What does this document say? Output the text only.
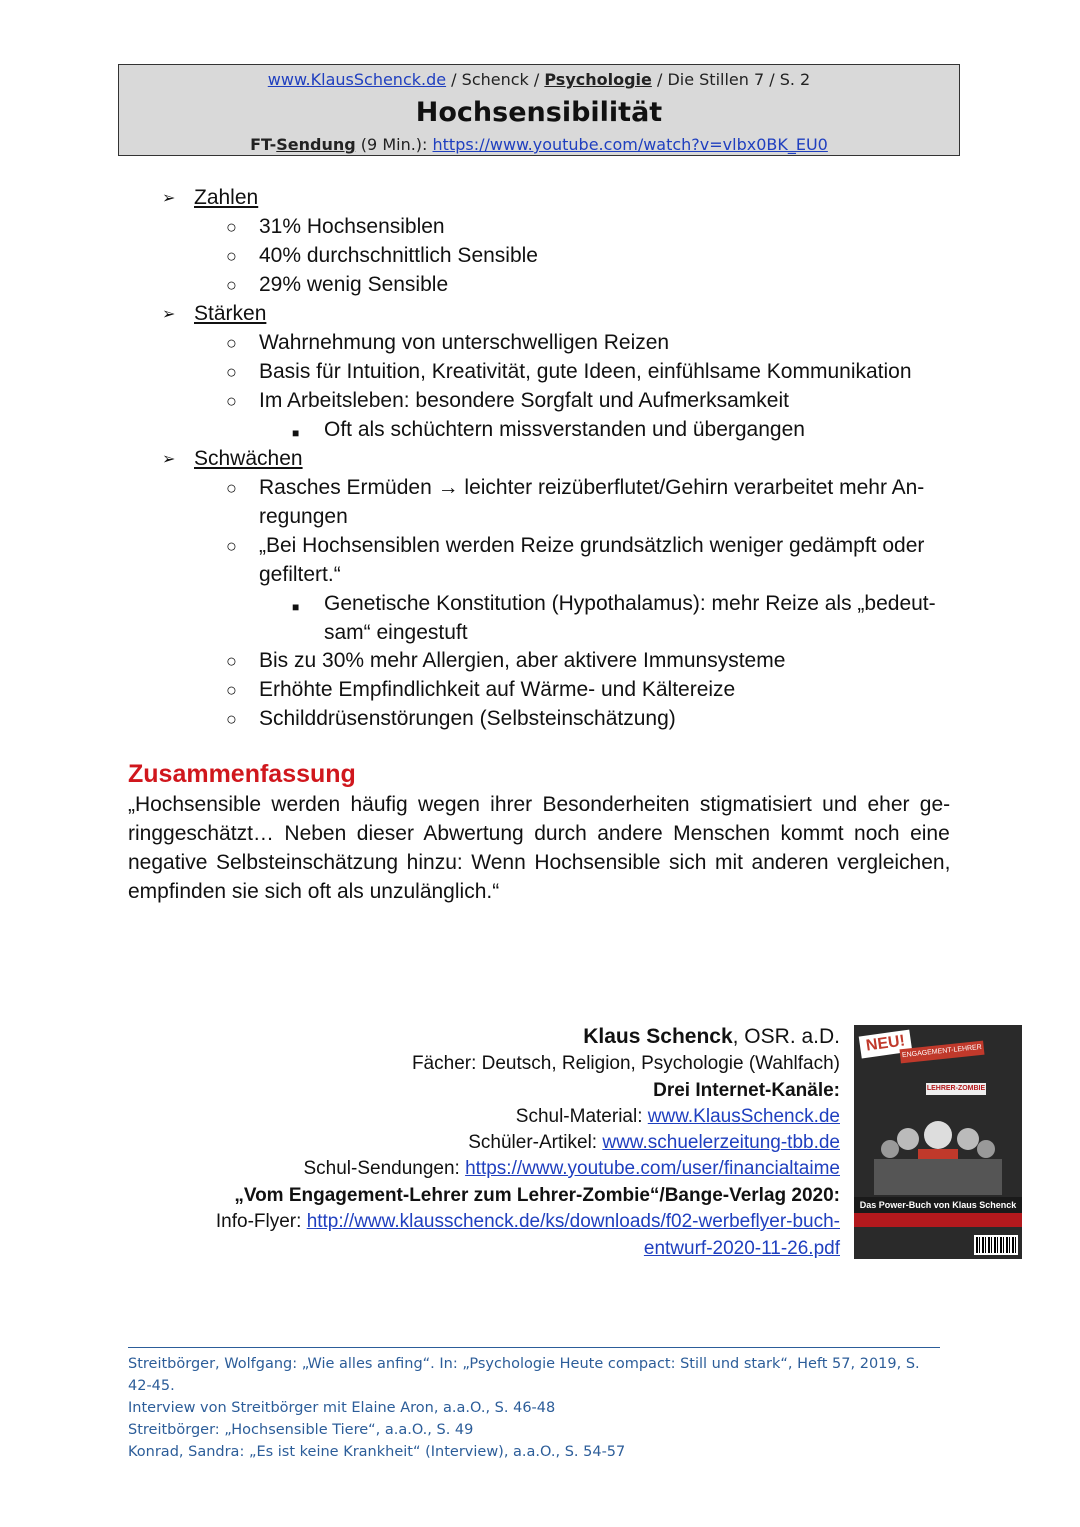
www.KlausSchenck.de / Schenck / Psychologie / Die Stillen 7 / S. 2
Hochsensibilität
FT-Sendung (9 Min.): https://www.youtube.com/watch?v=vlbx0BK_EU0
➢ Zahlen
○ 31% Hochsensiblen
○ 40% durchschnittlich Sensible
○ 29% wenig Sensible
➢ Stärken
○ Wahrnehmung von unterschwelligen Reizen
○ Basis für Intuition, Kreativität, gute Ideen, einfühlsame Kommunikation
○ Im Arbeitsleben: besondere Sorgfalt und Aufmerksamkeit
■ Oft als schüchtern missverstanden und übergangen
➢ Schwächen
○ Rasches Ermüden → leichter reizüberflutet/Gehirn verarbeitet mehr An-
regungen
○ „Bei Hochsensiblen werden Reize grundsätzlich weniger gedämpft oder
gefiltert.“
■ Genetische Konstitution (Hypothalamus): mehr Reize als „bedeut-
sam“ eingestuft
○ Bis zu 30% mehr Allergien, aber aktivere Immunsysteme
○ Erhöhte Empfindlichkeit auf Wärme- und Kältereize
○ Schilddrüsenstörungen (Selbsteinschätzung)
Zusammenfassung
„Hochsensible werden häufig wegen ihrer Besonderheiten stigmatisiert und eher ge-
ringgeschätzt… Neben dieser Abwertung durch andere Menschen kommt noch eine
negative Selbsteinschätzung hinzu: Wenn Hochsensible sich mit anderen vergleichen,
empfinden sie sich oft als unzulänglich.“
Klaus Schenck, OSR. a.D.
Fächer: Deutsch, Religion, Psychologie (Wahlfach)
Drei Internet-Kanäle:
Schul-Material: www.KlausSchenck.de
Schüler-Artikel: www.schuelerzeitung-tbb.de
Schul-Sendungen: https://www.youtube.com/user/financialtaime
„Vom Engagement-Lehrer zum Lehrer-Zombie“/Bange-Verlag 2020:
Info-Flyer: http://www.klausschenck.de/ks/downloads/f02-werbeflyer-buch-
entwurf-2020-11-26.pdf
NEU!
ENGAGEMENT-LEHRER
LEHRER-ZOMBIE
Das Power-Buch von Klaus Schenck
Streitbörger, Wolfgang: „Wie alles anfing“. In: „Psychologie Heute compact: Still und stark“, Heft 57, 2019, S.
42-45.
Interview von Streitbörger mit Elaine Aron, a.a.O., S. 46-48
Streitbörger: „Hochsensible Tiere“, a.a.O., S. 49
Konrad, Sandra: „Es ist keine Krankheit“ (Interview), a.a.O., S. 54-57
